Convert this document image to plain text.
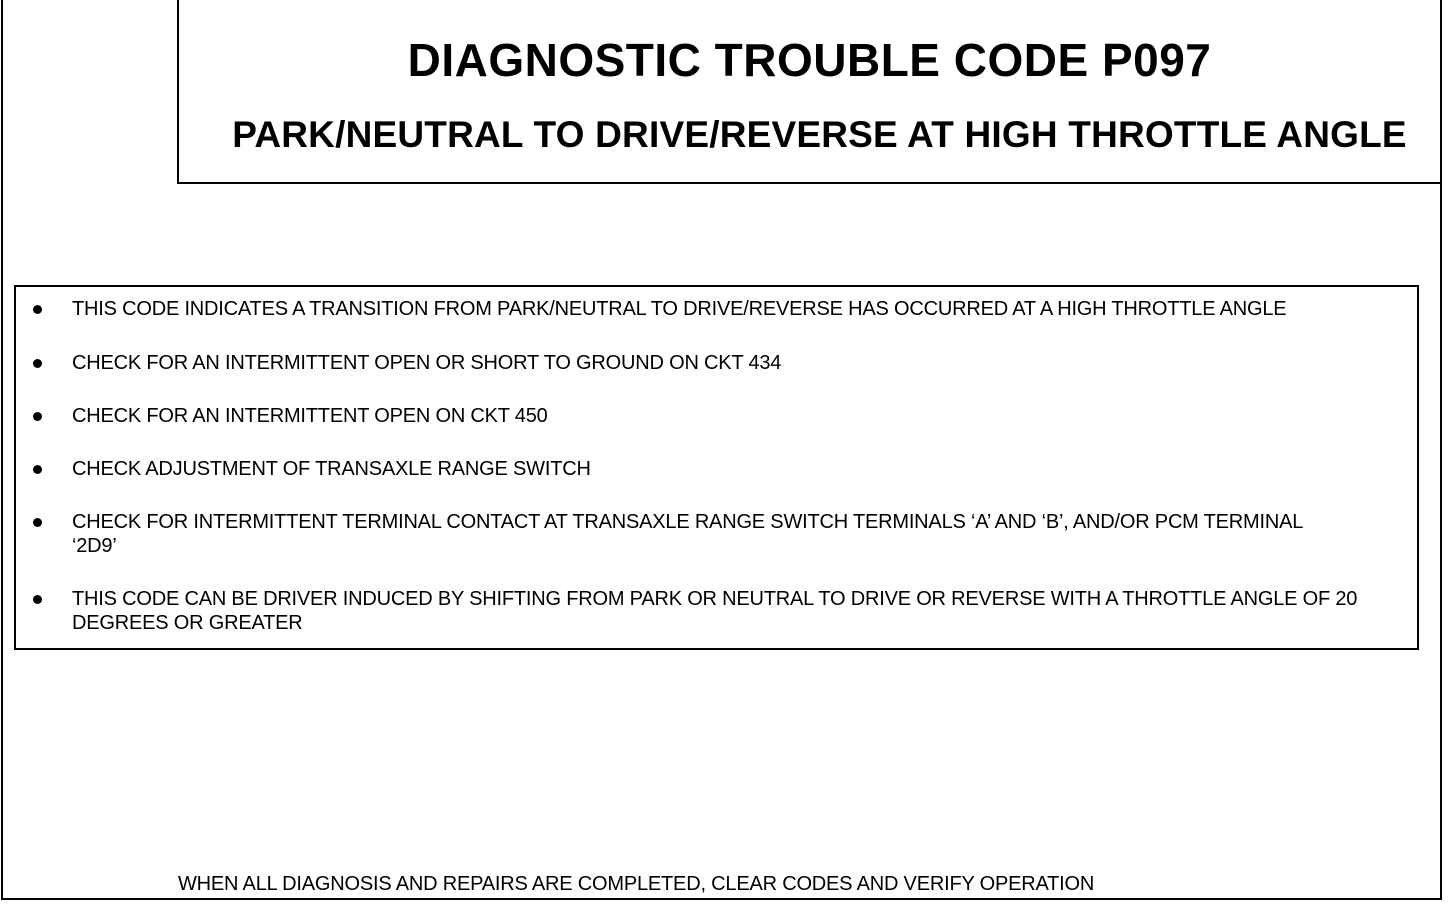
DIAGNOSTIC TROUBLE CODE P097
PARK/NEUTRAL TO DRIVE/REVERSE AT HIGH THROTTLE ANGLE
THIS CODE INDICATES A TRANSITION FROM PARK/NEUTRAL TO DRIVE/REVERSE HAS OCCURRED AT A HIGH THROTTLE ANGLE
CHECK FOR AN INTERMITTENT OPEN OR SHORT TO GROUND ON CKT 434
CHECK FOR AN INTERMITTENT OPEN ON CKT 450
CHECK ADJUSTMENT OF TRANSAXLE RANGE SWITCH
CHECK FOR INTERMITTENT TERMINAL CONTACT AT TRANSAXLE RANGE SWITCH TERMINALS ‘A’ AND ‘B’, AND/OR PCM TERMINAL ‘2D9’
THIS CODE CAN BE DRIVER INDUCED BY SHIFTING FROM PARK OR NEUTRAL TO DRIVE OR REVERSE WITH A THROTTLE ANGLE OF 20 DEGREES OR GREATER
WHEN ALL DIAGNOSIS AND REPAIRS ARE COMPLETED, CLEAR CODES AND VERIFY OPERATION
